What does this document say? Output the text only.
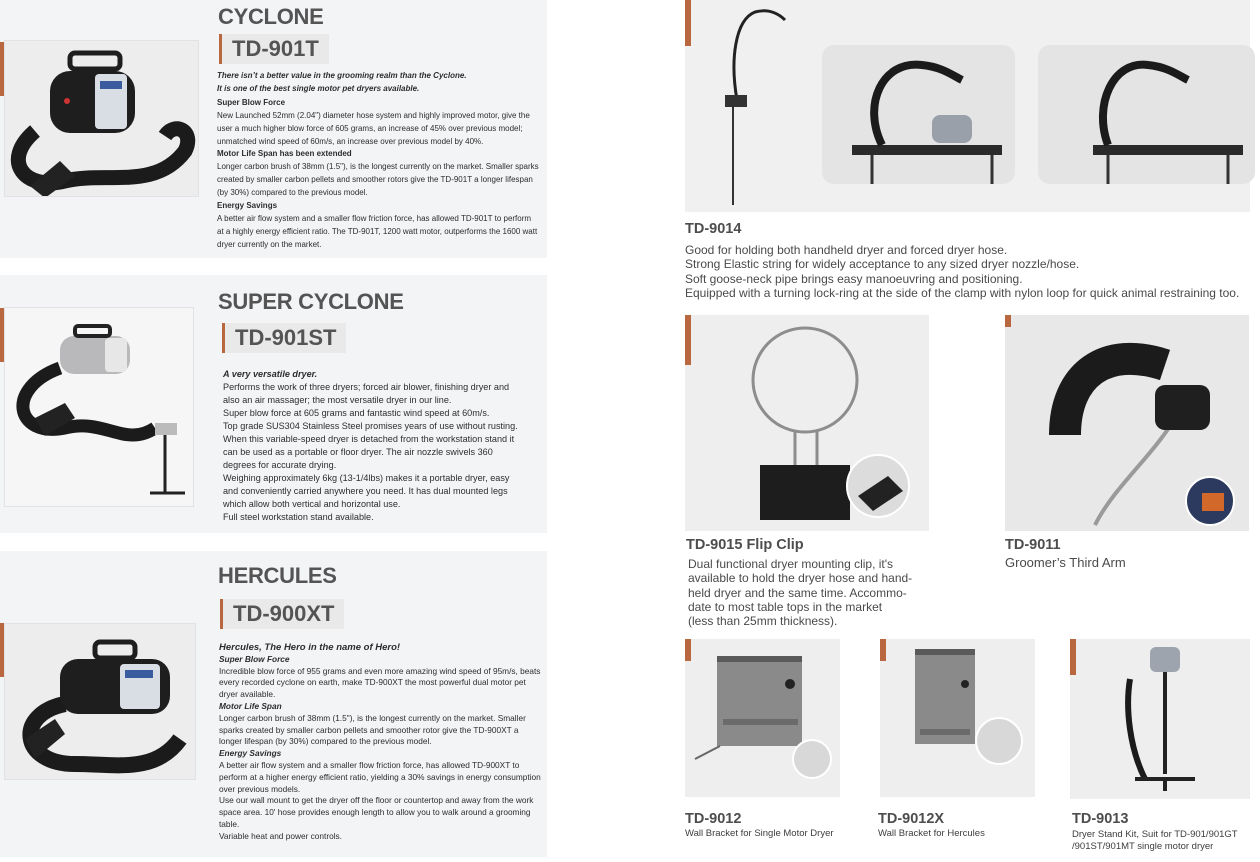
CYCLONE
TD-901T
There isn’t a better value in the grooming realm than the Cyclone.
It is one of the best single motor pet dryers available.
Super Blow Force
New Launched 52mm (2.04") diameter hose system and highly improved motor, give the user a much higher blow force of 605 grams, an increase of 45% over previous model; unmatched wind speed of 60m/s, an increase over previous model by 40%.
Motor Life Span has been extended
Longer carbon brush of 38mm (1.5"), is the longest currently on the market. Smaller sparks created by smaller carbon pellets and smoother rotors give the TD-901T a longer lifespan (by 30%) compared to the previous model.
Energy Savings
A better air flow system and a smaller flow friction force, has allowed TD-901T to perform at a highly energy efficient ratio. The TD-901T, 1200 watt motor, outperforms the 1600 watt dryer currently on the market.
SUPER CYCLONE
TD-901ST
A very versatile dryer.
Performs the work of three dryers; forced air blower, finishing dryer and
also an air massager; the most versatile dryer in our line.
Super blow force at 605 grams and fantastic wind speed at 60m/s.
Top grade SUS304 Stainless Steel promises years of use without rusting.
When this variable-speed dryer is detached from the workstation stand it
can be used as a portable or floor dryer. The air nozzle swivels 360
degrees for accurate drying.
Weighing approximately 6kg (13-1/4lbs) makes it a portable dryer, easy
and conveniently carried anywhere you need. It has dual mounted legs
which allow both vertical and horizontal use.
Full steel workstation stand available.
HERCULES
TD-900XT
Hercules, The Hero in the name of Hero!
Super Blow Force
Incredible blow force of 955 grams and even more amazing wind speed of 95m/s, beats every recorded cyclone on earth, make TD-900XT the most powerful dual motor pet dryer available.
Motor Life Span
Longer carbon brush of 38mm (1.5"), is the longest currently on the market. Smaller sparks created by smaller carbon pellets and smoother rotor give the TD-900XT a longer lifespan (by 30%) compared to the previous model.
Energy Savings
A better air flow system and a smaller flow friction force, has allowed TD-900XT to perform at a higher energy efficient ratio, yielding a 30% savings in energy consumption over previous models.
Use our wall mount to get the dryer off the floor or countertop and away from the work space area. 10' hose provides enough length to allow you to walk around a grooming table.
Variable heat and power controls.
TD-9014
Good for holding both handheld dryer and forced dryer hose.
Strong Elastic string for widely acceptance to any sized dryer nozzle/hose.
Soft goose-neck pipe brings easy manoeuvring and positioning.
Equipped with a turning lock-ring at the side of the clamp with nylon loop for quick animal restraining too.
TD-9015 Flip Clip
Dual functional dryer mounting clip, it's
available to hold the dryer hose and hand-
held dryer and the same time. Accommo-
date to most table tops in the market
(less than 25mm thickness).
TD-9011
Groomer’s Third Arm
TD-9012
Wall Bracket for Single Motor Dryer
TD-9012X
Wall Bracket for Hercules
TD-9013
Dryer Stand Kit, Suit for TD-901/901GT
/901ST/901MT single motor dryer
